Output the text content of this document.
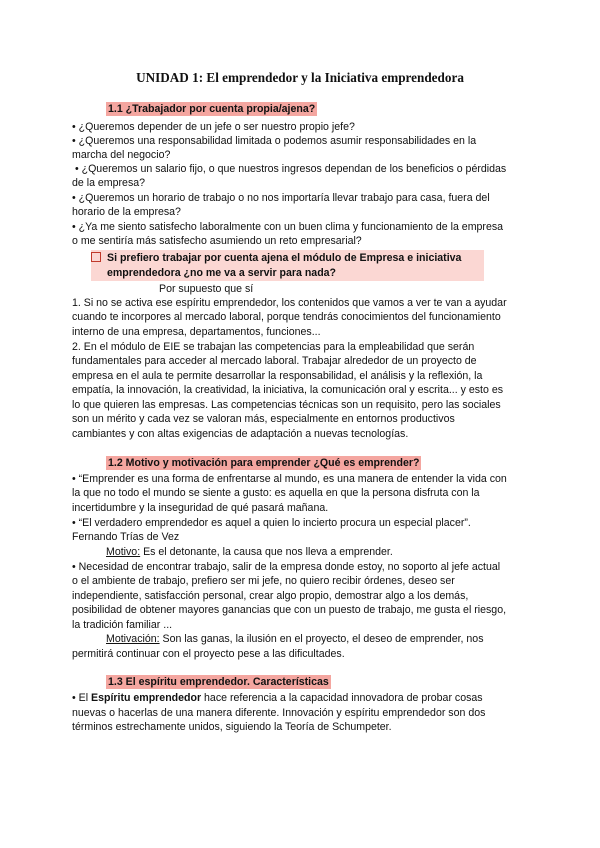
UNIDAD 1: El emprendedor y la Iniciativa emprendedora
1.1 ¿Trabajador por cuenta propia/ajena?
• ¿Queremos depender de un jefe o ser nuestro propio jefe?
• ¿Queremos una responsabilidad limitada o podemos asumir responsabilidades en la
marcha del negocio?
• ¿Queremos un salario fijo, o que nuestros ingresos dependan de los beneficios o pérdidas
de la empresa?
• ¿Queremos un horario de trabajo o no nos importaría llevar trabajo para casa, fuera del
horario de la empresa?
• ¿Ya me siento satisfecho laboralmente con un buen clima y funcionamiento de la empresa
o me sentiría más satisfecho asumiendo un reto empresarial?
Si prefiero trabajar por cuenta ajena el módulo de Empresa e iniciativa
emprendedora ¿no me va a servir para nada?
Por supuesto que sí
1. Si no se activa ese espíritu emprendedor, los contenidos que vamos a ver te van a ayudar
cuando te incorpores al mercado laboral, porque tendrás conocimientos del funcionamiento
interno de una empresa, departamentos, funciones...
2. En el módulo de EIE se trabajan las competencias para la empleabilidad que serán
fundamentales para acceder al mercado laboral. Trabajar alrededor de un proyecto de
empresa en el aula te permite desarrollar la responsabilidad, el análisis y la reflexión, la
empatía, la innovación, la creatividad, la iniciativa, la comunicación oral y escrita... y esto es
lo que quieren las empresas. Las competencias técnicas son un requisito, pero las sociales
son un mérito y cada vez se valoran más, especialmente en entornos productivos
cambiantes y con altas exigencias de adaptación a nuevas tecnologías.
1.2 Motivo y motivación para emprender ¿Qué es emprender?
• “Emprender es una forma de enfrentarse al mundo, es una manera de entender la vida con
la que no todo el mundo se siente a gusto: es aquella en que la persona disfruta con la
incertidumbre y la inseguridad de qué pasará mañana.
• “El verdadero emprendedor es aquel a quien lo incierto procura un especial placer”.
Fernando Trías de Vez
Motivo: Es el detonante, la causa que nos lleva a emprender.
• Necesidad de encontrar trabajo, salir de la empresa donde estoy, no soporto al jefe actual
o el ambiente de trabajo, prefiero ser mi jefe, no quiero recibir órdenes, deseo ser
independiente, satisfacción personal, crear algo propio, demostrar algo a los demás,
posibilidad de obtener mayores ganancias que con un puesto de trabajo, me gusta el riesgo,
la tradición familiar ...
Motivación: Son las ganas, la ilusión en el proyecto, el deseo de emprender, nos
permitirá continuar con el proyecto pese a las dificultades.
1.3 El espíritu emprendedor. Características
• El Espíritu emprendedor hace referencia a la capacidad innovadora de probar cosas
nuevas o hacerlas de una manera diferente. Innovación y espíritu emprendedor son dos
términos estrechamente unidos, siguiendo la Teoría de Schumpeter.
